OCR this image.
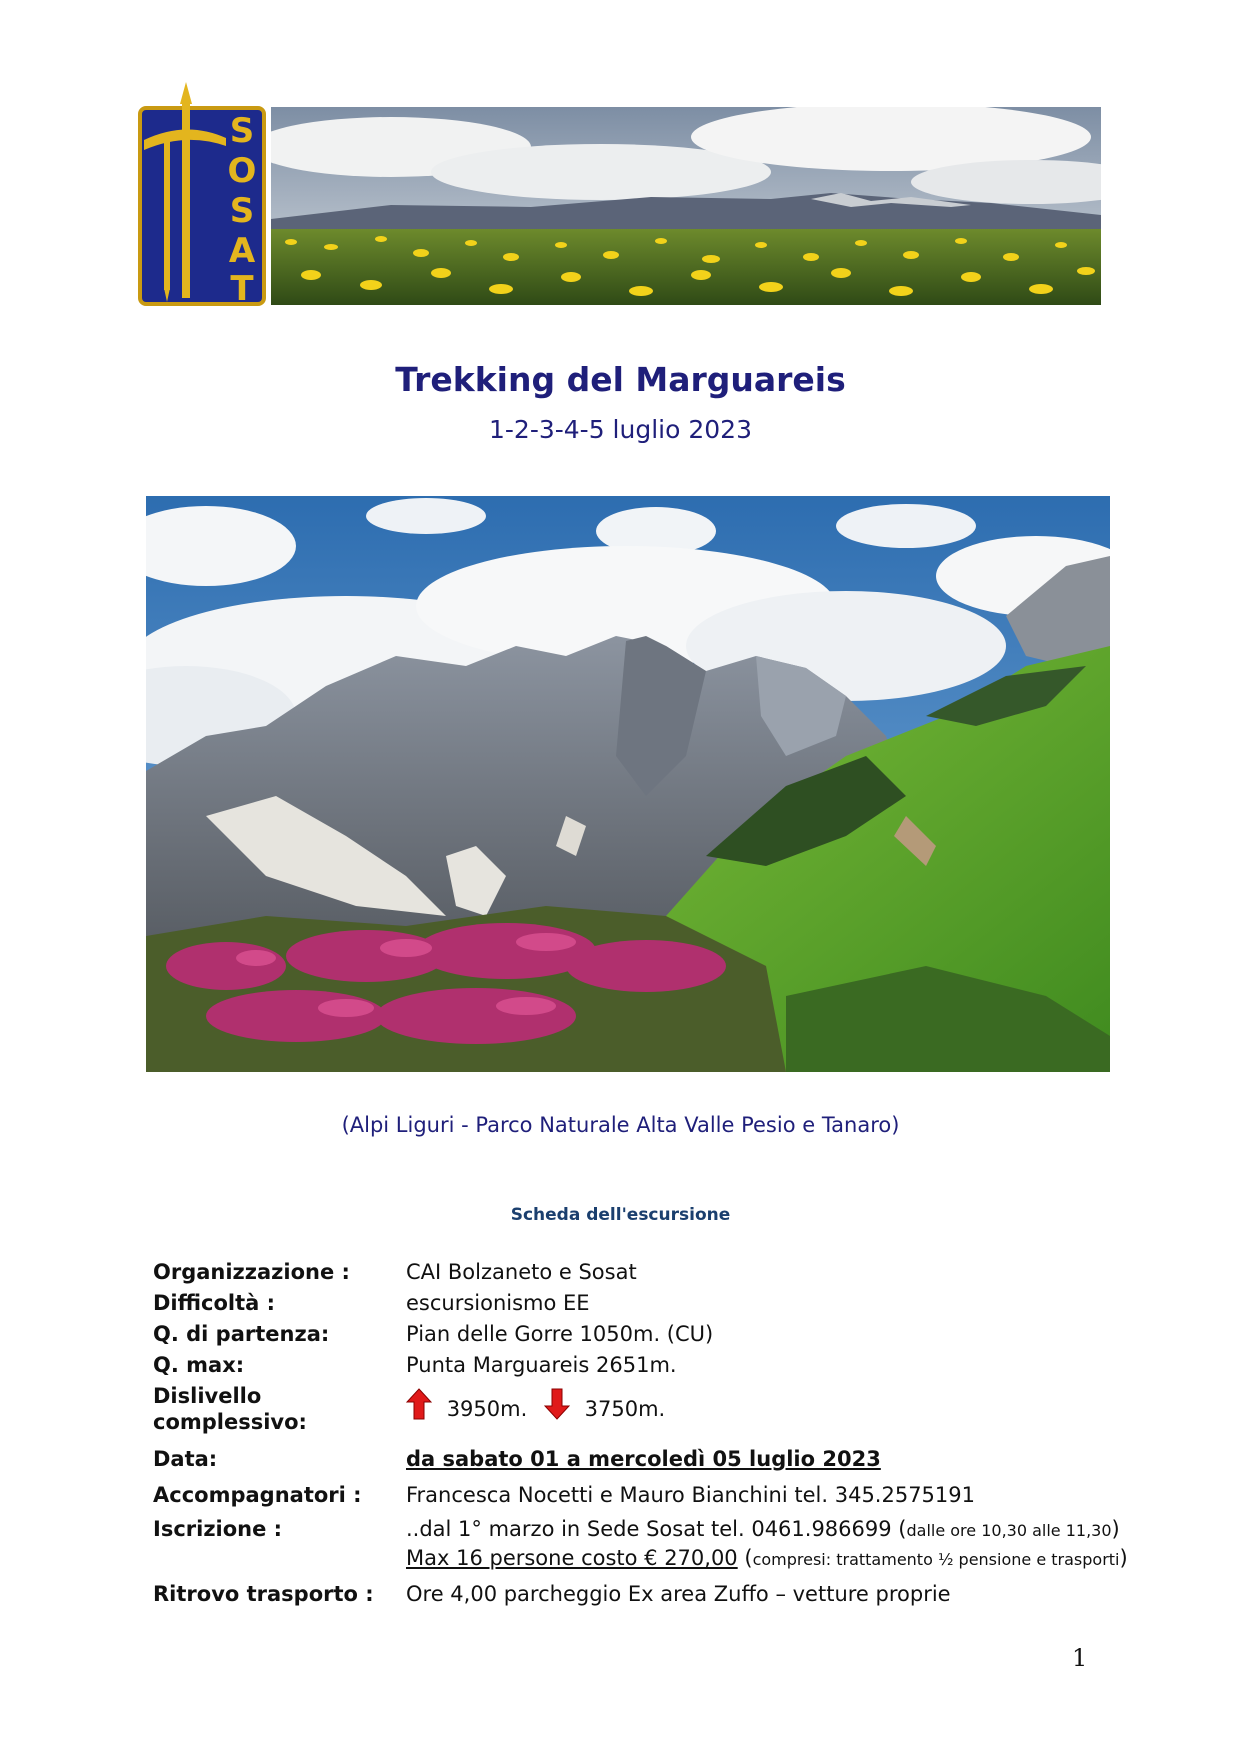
S
O
S
A
T
Trekking del Marguareis
1-2-3-4-5 luglio 2023
(Alpi Liguri - Parco Naturale Alta Valle Pesio e Tanaro)
Scheda dell'escursione
Organizzazione :	CAI Bolzaneto e Sosat
Difficoltà :	escursionismo EE
Q. di partenza:	Pian delle Gorre 1050m. (CU)
Q. max:	Punta Marguareis 2651m.
Dislivello
complessivo:
3950m.	3750m.
Data:	da sabato 01 a mercoledì 05 luglio 2023
Accompagnatori : Francesca Nocetti e Mauro Bianchini tel. 345.2575191
Iscrizione :	..dal 1° marzo in Sede Sosat tel. 0461.986699 (dalle ore 10,30 alle 11,30)
Max 16 persone costo € 270,00 (compresi: trattamento ½ pensione e trasporti)
Ritrovo trasporto : Ore 4,00 parcheggio Ex area Zuffo – vetture proprie
1
